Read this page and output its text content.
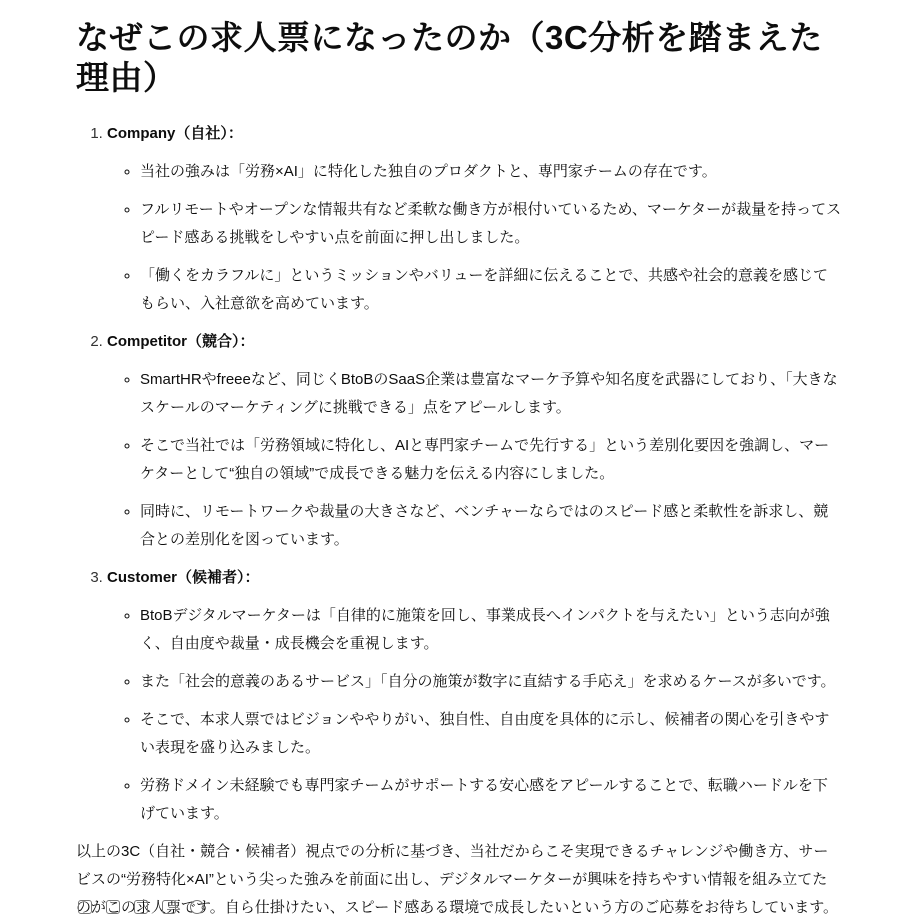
なぜこの求人票になったのか（3C分析を踏まえた理由）
1. Company（自社）：
◦ 当社の強みは「労務×AI」に特化した独自のプロダクトと、専門家チームの存在です。
◦ フルリモートやオープンな情報共有など柔軟な働き方が根付いているため、マーケターが裁量を持ってスピード感ある挑戦をしやすい点を前面に押し出しました。
◦ 「働くをカラフルに」というミッションやバリューを詳細に伝えることで、共感や社会的意義を感じてもらい、入社意欲を高めています。
2. Competitor（競合）：
◦ SmartHRやfreeeなど、同じくBtoBのSaaS企業は豊富なマーケ予算や知名度を武器にしており、「大きなスケールのマーケティングに挑戦できる」点をアピールします。
◦ そこで当社では「労務領域に特化し、AIと専門家チームで先行する」という差別化要因を強調し、マーケターとして“独自の領域”で成長できる魅力を伝える内容にしました。
◦ 同時に、リモートワークや裁量の大きさなど、ベンチャーならではのスピード感と柔軟性を訴求し、競合との差別化を図っています。
3. Customer（候補者）：
◦ BtoBデジタルマーケターは「自律的に施策を回し、事業成長へインパクトを与えたい」という志向が強く、自由度や裁量・成長機会を重視します。
◦ また「社会的意義のあるサービス」「自分の施策が数字に直結する手応え」を求めるケースが多いです。
◦ そこで、本求人票ではビジョンややりがい、独自性、自由度を具体的に示し、候補者の関心を引きやすい表現を盛り込みました。
◦ 労務ドメイン未経験でも専門家チームがサポートする安心感をアピールすることで、転職ハードルを下げています。

以上の3C（自社・競合・候補者）視点での分析に基づき、当社だからこそ実現できるチャレンジや働き方、サービスの“労務特化×AI”という尖った強みを前面に出し、デジタルマーケターが興味を持ちやすい情報を組み立てたのがこの求人票です。自ら仕掛けたい、スピード感ある環境で成長したいという方のご応募をお待ちしています。
